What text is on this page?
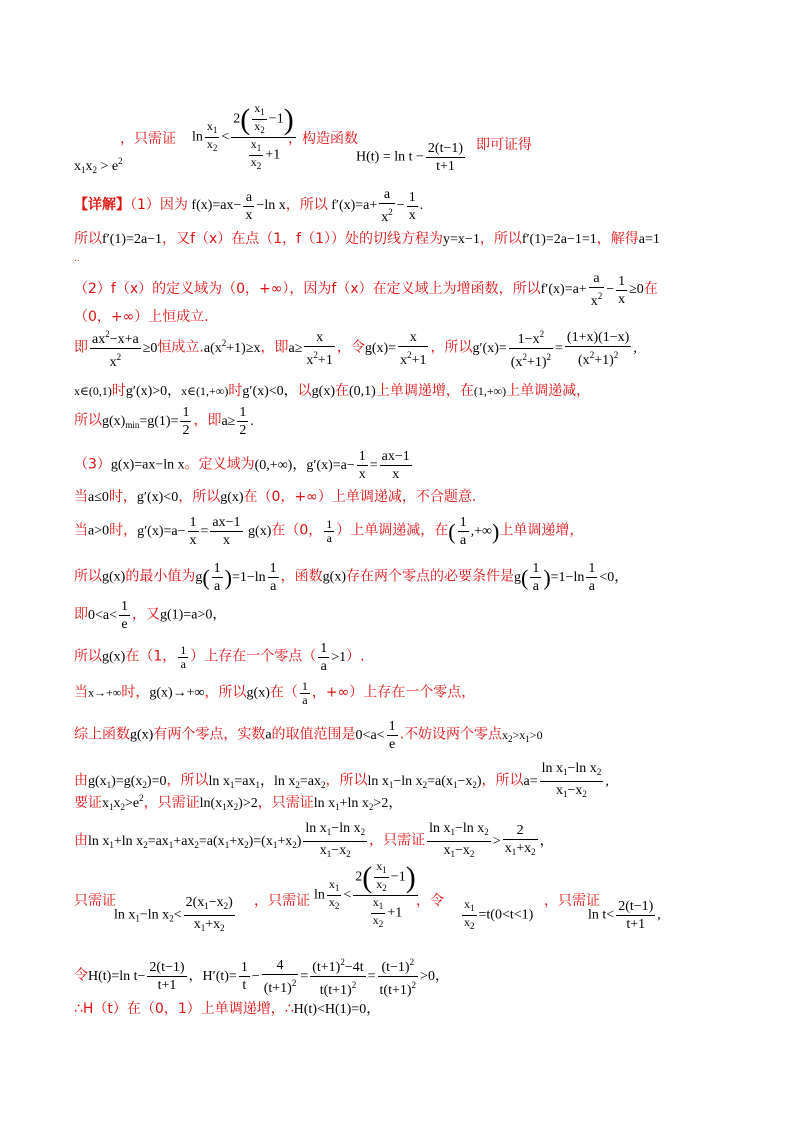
$x_1x_2 > e^2$
，只需证 $\ln \frac{x_1}{x_2} < \frac{2( \frac{x_1}{x_2} -1)}{\frac{x_1}{x_2} +1}$
，构造函数
$H(t) = \ln t - \frac{2(t-1)}{t+1}$ 即可证得
【详解】（1）因为 $f(x)=ax- \frac{a}{x} -\ln$ x，所以 $f'(x)=a+ \frac{a}{x^2} - \frac{1}{x}$ .
所以f′(1)=2a−1，又f（x）在点（1，f（1））处的切线方程为y=x−1，所以f′(1)=2a−1=1，解得a=1
..
（2）f（x）的定义域为（0，+∞），因为f（x）在定义域上为增函数，所以$f'(x)=a+ \frac{a}{x^2} - \frac{1}{x} \ge 0$在
（0，+∞）上恒成立.
即 $\frac{ax^2-x+a}{x^2} \ge 0$恒成立$.a(x^2+1)\ge x$，即$a\ge \frac{x}{x^2+1}$ ，令$g(x)= \frac{x}{x^2+1}$ ，所以$g'(x)= \frac{1-x^2}{(x^2+1)^2} = \frac{(1+x)(1-x)}{(x^2+1)^2}$ ,
x∈(0,1)时g′(x)>0，x∈(1,+∞)时g′(x)<0，以g(x)在(0,1)上单调递增，在(1,+∞)上单调递减，
所以$g(x)_{min}=g(1)= \frac{1}{2}$ ，即$a\ge \frac{1}{2}$ .
（3）g(x)=ax−ln x。定义域为(0,+∞)，$g'(x)=a- \frac{1}{x} = \frac{ax-1}{x}$
当a≤0时，g′(x)<0，所以g(x)在（0，+∞）上单调递减，不合题意.
当a>0时，$g'(x)=a- \frac{1}{x} = \frac{ax-1}{x} g(x)$在（0， $\frac{1}{a}$ ）上单调递减，在( $\frac{1}{a}$ ,+∞)上单调递增，
所以g(x)的最小值为$g( \frac{1}{a} )=1-\ln \frac{1}{a}$ ，函数g(x)存在两个零点的必要条件是$g( \frac{1}{a} )=1-\ln \frac{1}{a} <0$，
即$0<a< \frac{1}{e}$ ，又g(1)=a>0，
所以g(x)在（1， $\frac{1}{a}$ ）上存在一个零点（ $\frac{1}{a} >1$）.
当x→+∞时，g(x)→+∞，所以g(x)在（ $\frac{1}{a}$ ，+∞）上存在一个零点，
综上函数g(x)有两个零点，实数a的取值范围是$0<a< \frac{1}{e}$ .不妨设两个零点$x_2>x_1>0$
由$g(x_1)=g(x_2)=0$，所以$\ln x_1=ax_1$，$\ln x_2=ax_2$，所以$\ln x_1-\ln$ $x_2=a(x_1-x_2)$，所以$a= \frac{\ln x_1-\ln x_2}{x_1-x_2}$ ,
要证$x_1x_2>e^2$，只需证$\ln(x_1x_2)>2$，只需证$\ln x_1+\ln$ $x_2>2$，
由$\ln x_1+\ln$ $x_2=ax_1+ax_2=a(x_1+x_2)=(x_1+x_2) \frac{\ln x_1-\ln x_2}{x_1-x_2}$ ，只需证 $\frac{\ln x_1-\ln x_2}{x_1-x_2} > \frac{2}{x_1+x_2}$ ，
只需证
$\ln x_1-\ln$ $x_2< \frac{2(x_1-x_2)}{x_1+x_2}$ ，只需证 $\ln \frac{x_1}{x_2} < \frac{2( \frac{x_1}{x_2} -1)}{\frac{x_1}{x_2} +1}$
，令 $\frac{x_1}{x_2} =t(0<t<1)$
，只需证
$\ln t< \frac{2(t-1)}{t+1}$ ,
令H(t)=ln $t- \frac{2(t-1)}{t+1}$ ，$H'(t)= \frac{1}{t} - \frac{4}{(t+1)^2} = \frac{(t+1)^2-4t}{t(t+1)^2} = \frac{(t-1)^2}{t(t+1)^2} >0$，
∴H（t）在（0，1）上单调递增，∴H(t)<H(1)=0，
